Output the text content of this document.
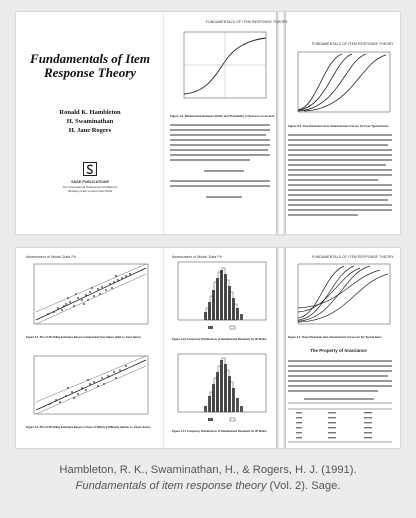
Fundamentals of Item Response Theory
Ronald K. Hambleton
H. Swaminathan
H. Jane Rogers
SAGE PUBLICATIONS
The International Professional Publishers
Newbury Park London New Delhi
FUNDAMENTALS OF ITEM RESPONSE THEORY
Figure 1.3. Relationship Between Ability and Probability of Success on an Item
FUNDAMENTALS OF ITEM RESPONSE THEORY
Figure 2.3. One-Parameter Item Characteristic Curves for Four Typical Items
Assessment of Model-Data Fit
Figure 4.5. Plot of 3P Ability Estimates Based on Equivalent Test Halves (Odd vs. Even Items)
Figure 4.6. Plot of 3P Ability Estimates Based on Tests of Differing Difficulty (Harder vs. Easier Items)
Assessment of Model-Data Fit
Figure 4.13. Frequency Distributions of Standardized Residuals for 3P Model
Figure 4.14. Frequency Distributions of Standardized Residuals for 3P Model
FUNDAMENTALS OF ITEM RESPONSE THEORY
Figure 2.4. Three-Parameter Item Characteristic Curves for Six Typical Items
The Property of Invariance
Hambleton, R. K., Swaminathan, H., & Rogers, H. J. (1991).
Fundamentals of item response theory (Vol. 2). Sage.
